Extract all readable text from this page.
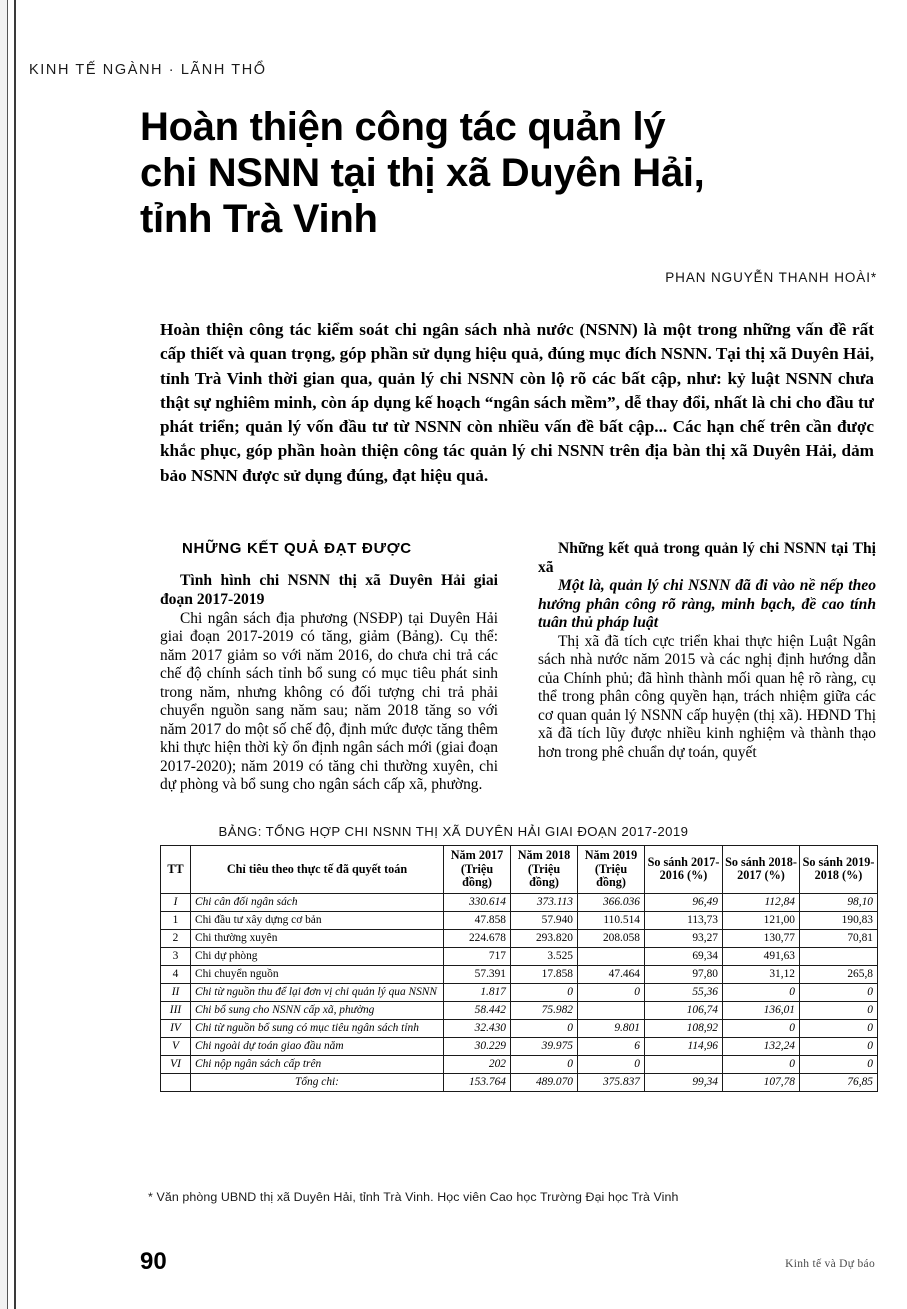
KINH TẾ NGÀNH · LÃNH THỔ
Hoàn thiện công tác quản lý
chi NSNN tại thị xã Duyên Hải,
tỉnh Trà Vinh
PHAN NGUYỄN THANH HOÀI*
Hoàn thiện công tác kiểm soát chi ngân sách nhà nước (NSNN) là một trong những vấn đề rất cấp thiết và quan trọng, góp phần sử dụng hiệu quả, đúng mục đích NSNN. Tại thị xã Duyên Hải, tỉnh Trà Vinh thời gian qua, quản lý chi NSNN còn lộ rõ các bất cập, như: kỷ luật NSNN chưa thật sự nghiêm minh, còn áp dụng kế hoạch “ngân sách mềm”, dễ thay đổi, nhất là chi cho đầu tư phát triển; quản lý vốn đầu tư từ NSNN còn nhiều vấn đề bất cập... Các hạn chế trên cần được khắc phục, góp phần hoàn thiện công tác quản lý chi NSNN trên địa bàn thị xã Duyên Hải, dảm bảo NSNN được sử dụng đúng, đạt hiệu quả.
NHỮNG KẾT QUẢ ĐẠT ĐƯỢC

Tình hình chi NSNN thị xã Duyên Hải giai đoạn 2017-2019

Chi ngân sách địa phương (NSĐP) tại Duyên Hải giai đoạn 2017-2019 có tăng, giảm (Bảng). Cụ thể: năm 2017 giảm so với năm 2016, do chưa chi trả các chế độ chính sách tỉnh bổ sung có mục tiêu phát sinh trong năm, nhưng không có đối tượng chi trả phải chuyển nguồn sang năm sau; năm 2018 tăng so với năm 2017 do một số chế độ, định mức được tăng thêm khi thực hiện thời kỳ ổn định ngân sách mới (giai đoạn 2017-2020); năm 2019 có tăng chi thường xuyên, chi dự phòng và bổ sung cho ngân sách cấp xã, phường.

Những kết quả trong quản lý chi NSNN tại Thị xã

Một là, quản lý chi NSNN đã đi vào nề nếp theo hướng phân công rõ ràng, minh bạch, đề cao tính tuân thủ pháp luật

Thị xã đã tích cực triển khai thực hiện Luật Ngân sách nhà nước năm 2015 và các nghị định hướng dẫn của Chính phủ; đã hình thành mối quan hệ rõ ràng, cụ thể trong phân công quyền hạn, trách nhiệm giữa các cơ quan quản lý NSNN cấp huyện (thị xã). HĐND Thị xã đã tích lũy được nhiều kinh nghiệm và thành thạo hơn trong phê chuẩn dự toán, quyết

BẢNG: TỔNG HỢP CHI NSNN THỊ XÃ DUYÊN HẢI GIAI ĐOẠN 2017-2019
TT	Chỉ tiêu theo thực tế đã quyết toán	Năm 2017 (Triệu đồng)	Năm 2018 (Triệu đồng)	Năm 2019 (Triệu đồng)	So sánh 2017-2016 (%)	So sánh 2018-2017 (%)	So sánh 2019-2018 (%)
I	Chi cân đối ngân sách	330.614	373.113	366.036	96,49	112,84	98,10
1	Chi đầu tư xây dựng cơ bản	47.858	57.940	110.514	113,73	121,00	190,83
2	Chi thường xuyên	224.678	293.820	208.058	93,27	130,77	70,81
3	Chi dự phòng	717	3.525		69,34	491,63	
4	Chi chuyển nguồn	57.391	17.858	47.464	97,80	31,12	265,8
II	Chi từ nguồn thu để lại đơn vị chi quản lý qua NSNN	1.817	0	0	55,36	0	0
III	Chi bổ sung cho NSNN cấp xã, phường	58.442	75.982		106,74	136,01	0
IV	Chi từ nguồn bổ sung có mục tiêu ngân sách tỉnh	32.430	0	9.801	108,92	0	0
V	Chi ngoài dự toán giao đầu năm	30.229	39.975	6	114,96	132,24	0
VI	Chi nộp ngân sách cấp trên	202	0	0		0	0
	Tổng chi:	153.764	489.070	375.837	99,34	107,78	76,85
* Văn phòng UBND thị xã Duyên Hải, tỉnh Trà Vinh. Học viên Cao học Trường Đại học Trà Vinh
90	Kinh tế và Dự báo
